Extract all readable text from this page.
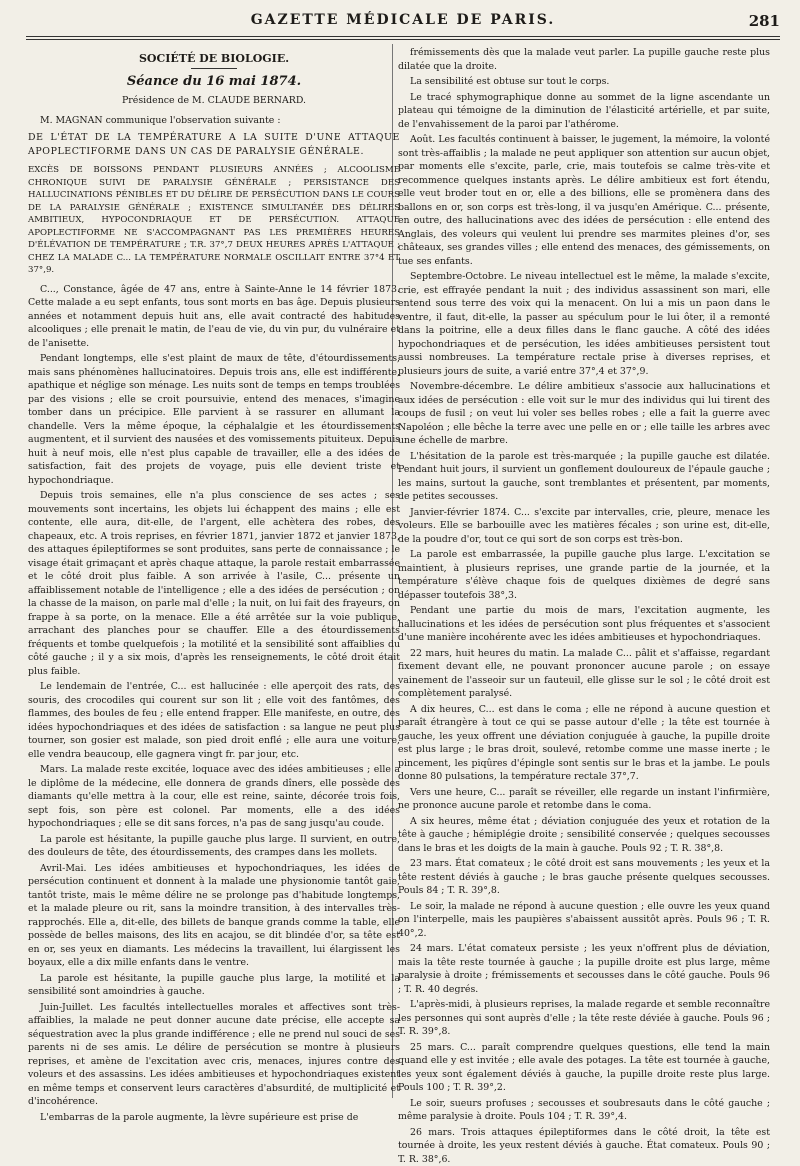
GAZETTE MÉDICALE DE PARIS.	281
SOCIÉTÉ DE BIOLOGIE.
Séance du 16 mai 1874.
Présidence de M. CLAUDE BERNARD.

M. MAGNAN communique l'observation suivante :

DE L'ÉTAT DE LA TEMPÉRATURE A LA SUITE D'UNE ATTAQUE APOPLECTIFORME DANS UN CAS DE PARALYSIE GÉNÉRALE.

EXCÈS DE BOISSONS PENDANT PLUSIEURS ANNÉES ; ALCOOLISME CHRONIQUE SUIVI DE PARALYSIE GÉNÉRALE ; PERSISTANCE DES HALLUCINATIONS PÉNIBLES ET DU DÉLIRE DE PERSÉCUTION DANS LE COURS DE LA PARALYSIE GÉNÉRALE ; EXISTENCE SIMULTANÉE DES DÉLIRES AMBITIEUX, HYPOCONDRIAQUE ET DE PERSÉCUTION. ATTAQUE APOPLECTIFORME NE S'ACCOMPAGNANT PAS LES PREMIÈRES HEURES D'ÉLÉVATION DE TEMPÉRATURE ; T.R. 37°,7 DEUX HEURES APRÈS L'ATTAQUE ; CHEZ LA MALADE C... LA TEMPÉRATURE NORMALE OSCILLAIT ENTRE 37°4 ET 37°,9.

C..., Constance, âgée de 47 ans, entre à Sainte-Anne le 14 février 1873. Cette malade a eu sept enfants, tous sont morts en bas âge. Depuis plusieurs années et notamment depuis huit ans, elle avait contracté des habitudes alcooliques ; elle prenait le matin, de l'eau de vie, du vin pur, du vulnéraire et de l'anisette.

Pendant longtemps, elle s'est plaint de maux de tête, d'étourdissements, mais sans phénomènes hallucinatoires. Depuis trois ans, elle est indifférente, apathique et néglige son ménage. Les nuits sont de temps en temps troublées par des visions ; elle se croit poursuivie, entend des menaces, s'imagine tomber dans un précipice. Elle parvient à se rassurer en allumant la chandelle. Vers la même époque, la céphalalgie et les étourdissements augmentent, et il survient des nausées et des vomissements pituiteux. Depuis huit à neuf mois, elle n'est plus capable de travailler, elle a des idées de satisfaction, fait des projets de voyage, puis elle devient triste et hypochondriaque.

Depuis trois semaines, elle n'a plus conscience de ses actes ; ses mouvements sont incertains, les objets lui échappent des mains ; elle est contente, elle aura, dit-elle, de l'argent, elle achètera des robes, des chapeaux, etc. A trois reprises, en février 1871, janvier 1872 et janvier 1873, des attaques épileptiformes se sont produites, sans perte de connaissance ; le visage était grimaçant et après chaque attaque, la parole restait embarrassée et le côté droit plus faible. A son arrivée à l'asile, C... présente un affaiblissement notable de l'intelligence ; elle a des idées de persécution ; on la chasse de la maison, on parle mal d'elle ; la nuit, on lui fait des frayeurs, on frappe à sa porte, on la menace. Elle a été arrêtée sur la voie publique, arrachant des planches pour se chauffer. Elle a des étourdissements fréquents et tombe quelquefois ; la motilité et la sensibilité sont affaiblies du côté gauche ; il y a six mois, d'après les renseignements, le côté droit était plus faible.

Le lendemain de l'entrée, C... est hallucinée : elle aperçoit des rats, des souris, des crocodiles qui courent sur son lit ; elle voit des fantômes, des flammes, des boules de feu ; elle entend frapper. Elle manifeste, en outre, des idées hypochondriaques et des idées de satisfaction : sa langue ne peut plus tourner, son gosier est malade, son pied droit enflé ; elle aura une voiture, elle vendra beaucoup, elle gagnera vingt fr. par jour, etc.

Mars. La malade reste excitée, loquace avec des idées ambitieuses ; elle a le diplôme de la médecine, elle donnera de grands dîners, elle possède des diamants qu'elle mettra à la cour, elle est reine, sainte, décorée trois fois, sept fois, son père est colonel. Par moments, elle a des idées hypochondriaques ; elle se dit sans forces, n'a pas de sang jusqu'au coude.

La parole est hésitante, la pupille gauche plus large. Il survient, en outre, des douleurs de tête, des étourdissements, des crampes dans les mollets.

Avril-Mai. Les idées ambitieuses et hypochondriaques, les idées de persécution continuent et donnent à la malade une physionomie tantôt gaie, tantôt triste, mais le même délire ne se prolonge pas d'habitude longtemps, et la malade pleure ou rit, sans la moindre transition, à des intervalles très-rapprochés. Elle a, dit-elle, des billets de banque grands comme la table, elle possède de belles maisons, des lits en acajou, se dit blindée d'or, sa tête est en or, ses yeux en diamants. Les médecins la travaillent, lui élargissent les boyaux, elle a dix mille enfants dans le ventre.

La parole est hésitante, la pupille gauche plus large, la motilité et la sensibilité sont amoindries à gauche.

Juin-Juillet. Les facultés intellectuelles morales et affectives sont très-affaiblies, la malade ne peut donner aucune date précise, elle accepte sa séquestration avec la plus grande indifférence ; elle ne prend nul souci de ses parents ni de ses amis. Le délire de persécution se montre à plusieurs reprises, et amène de l'excitation avec cris, menaces, injures contre des voleurs et des assassins. Les idées ambitieuses et hypochondriaques existent en même temps et conservent leurs caractères d'absurdité, de multiplicité et d'incohérence.

L'embarras de la parole augmente, la lèvre supérieure est prise de

frémissements dès que la malade veut parler. La pupille gauche reste plus dilatée que la droite.

La sensibilité est obtuse sur tout le corps.

Le tracé sphymographique donne au sommet de la ligne ascendante un plateau qui témoigne de la diminution de l'élasticité artérielle, et par suite, de l'envahissement de la paroi par l'athérome.

Août. Les facultés continuent à baisser, le jugement, la mémoire, la volonté sont très-affaiblis ; la malade ne peut appliquer son attention sur aucun objet, par moments elle s'excite, parle, crie, mais toutefois se calme très-vite et recommence quelques instants après. Le délire ambitieux est fort étendu, elle veut broder tout en or, elle a des billions, elle se promènera dans des ballons en or, son corps est très-long, il va jusqu'en Amérique. C... présente, en outre, des hallucinations avec des idées de persécution : elle entend des Anglais, des voleurs qui veulent lui prendre ses marmites pleines d'or, ses châteaux, ses grandes villes ; elle entend des menaces, des gémissements, on tue ses enfants.

Septembre-Octobre. Le niveau intellectuel est le même, la malade s'excite, crie, est effrayée pendant la nuit ; des individus assassinent son mari, elle entend sous terre des voix qui la menacent. On lui a mis un paon dans le ventre, il faut, dit-elle, la passer au spéculum pour le lui ôter, il a remonté dans la poitrine, elle a deux filles dans le flanc gauche. A côté des idées hypochondriaques et de persécution, les idées ambitieuses persistent tout aussi nombreuses. La température rectale prise à diverses reprises, et plusieurs jours de suite, a varié entre 37°,4 et 37°,9.

Novembre-décembre. Le délire ambitieux s'associe aux hallucinations et aux idées de persécution : elle voit sur le mur des individus qui lui tirent des coups de fusil ; on veut lui voler ses belles robes ; elle a fait la guerre avec Napoléon ; elle bêche la terre avec une pelle en or ; elle taille les arbres avec une échelle de marbre.

L'hésitation de la parole est très-marquée ; la pupille gauche est dilatée. Pendant huit jours, il survient un gonflement douloureux de l'épaule gauche ; les mains, surtout la gauche, sont tremblantes et présentent, par moments, de petites secousses.

Janvier-février 1874. C... s'excite par intervalles, crie, pleure, menace les voleurs. Elle se barbouille avec les matières fécales ; son urine est, dit-elle, de la poudre d'or, tout ce qui sort de son corps est très-bon.

La parole est embarrassée, la pupille gauche plus large. L'excitation se maintient, à plusieurs reprises, une grande partie de la journée, et la température s'élève chaque fois de quelques dixièmes de degré sans dépasser toutefois 38°,3.

Pendant une partie du mois de mars, l'excitation augmente, les hallucinations et les idées de persécution sont plus fréquentes et s'associent d'une manière incohérente avec les idées ambitieuses et hypochondriaques.

22 mars, huit heures du matin. La malade C... pâlit et s'affaisse, regardant fixement devant elle, ne pouvant prononcer aucune parole ; on essaye vainement de l'asseoir sur un fauteuil, elle glisse sur le sol ; le côté droit est complètement paralysé.

A dix heures, C... est dans le coma ; elle ne répond à aucune question et paraît étrangère à tout ce qui se passe autour d'elle ; la tête est tournée à gauche, les yeux offrent une déviation conjuguée à gauche, la pupille droite est plus large ; le bras droit, soulevé, retombe comme une masse inerte ; le pincement, les piqûres d'épingle sont sentis sur le bras et la jambe. Le pouls donne 80 pulsations, la température rectale 37°,7.

Vers une heure, C... paraît se réveiller, elle regarde un instant l'infirmière, ne prononce aucune parole et retombe dans le coma.

A six heures, même état ; déviation conjuguée des yeux et rotation de la tête à gauche ; hémiplégie droite ; sensibilité conservée ; quelques secousses dans le bras et les doigts de la main à gauche. Pouls 92 ; T. R. 38°,8.

23 mars. État comateux ; le côté droit est sans mouvements ; les yeux et la tête restent déviés à gauche ; le bras gauche présente quelques secousses. Pouls 84 ; T. R. 39°,8.

Le soir, la malade ne répond à aucune question ; elle ouvre les yeux quand on l'interpelle, mais les paupières s'abaissent aussitôt après. Pouls 96 ; T. R. 40°,2.

24 mars. L'état comateux persiste ; les yeux n'offrent plus de déviation, mais la tête reste tournée à gauche ; la pupille droite est plus large, même paralysie à droite ; frémissements et secousses dans le côté gauche. Pouls 96 ; T. R. 40 degrés.

L'après-midi, à plusieurs reprises, la malade regarde et semble reconnaître les personnes qui sont auprès d'elle ; la tête reste déviée à gauche. Pouls 96 ; T. R. 39°,8.

25 mars. C... paraît comprendre quelques questions, elle tend la main quand elle y est invitée ; elle avale des potages. La tête est tournée à gauche, les yeux sont également déviés à gauche, la pupille droite reste plus large. Pouls 100 ; T. R. 39°,2.

Le soir, sueurs profuses ; secousses et soubresauts dans le côté gauche ; même paralysie à droite. Pouls 104 ; T. R. 39°,4.

26 mars. Trois attaques épileptiformes dans le côté droit, la tête est tournée à droite, les yeux restent déviés à gauche. État comateux. Pouls 90 ; T. R. 38°,6.
